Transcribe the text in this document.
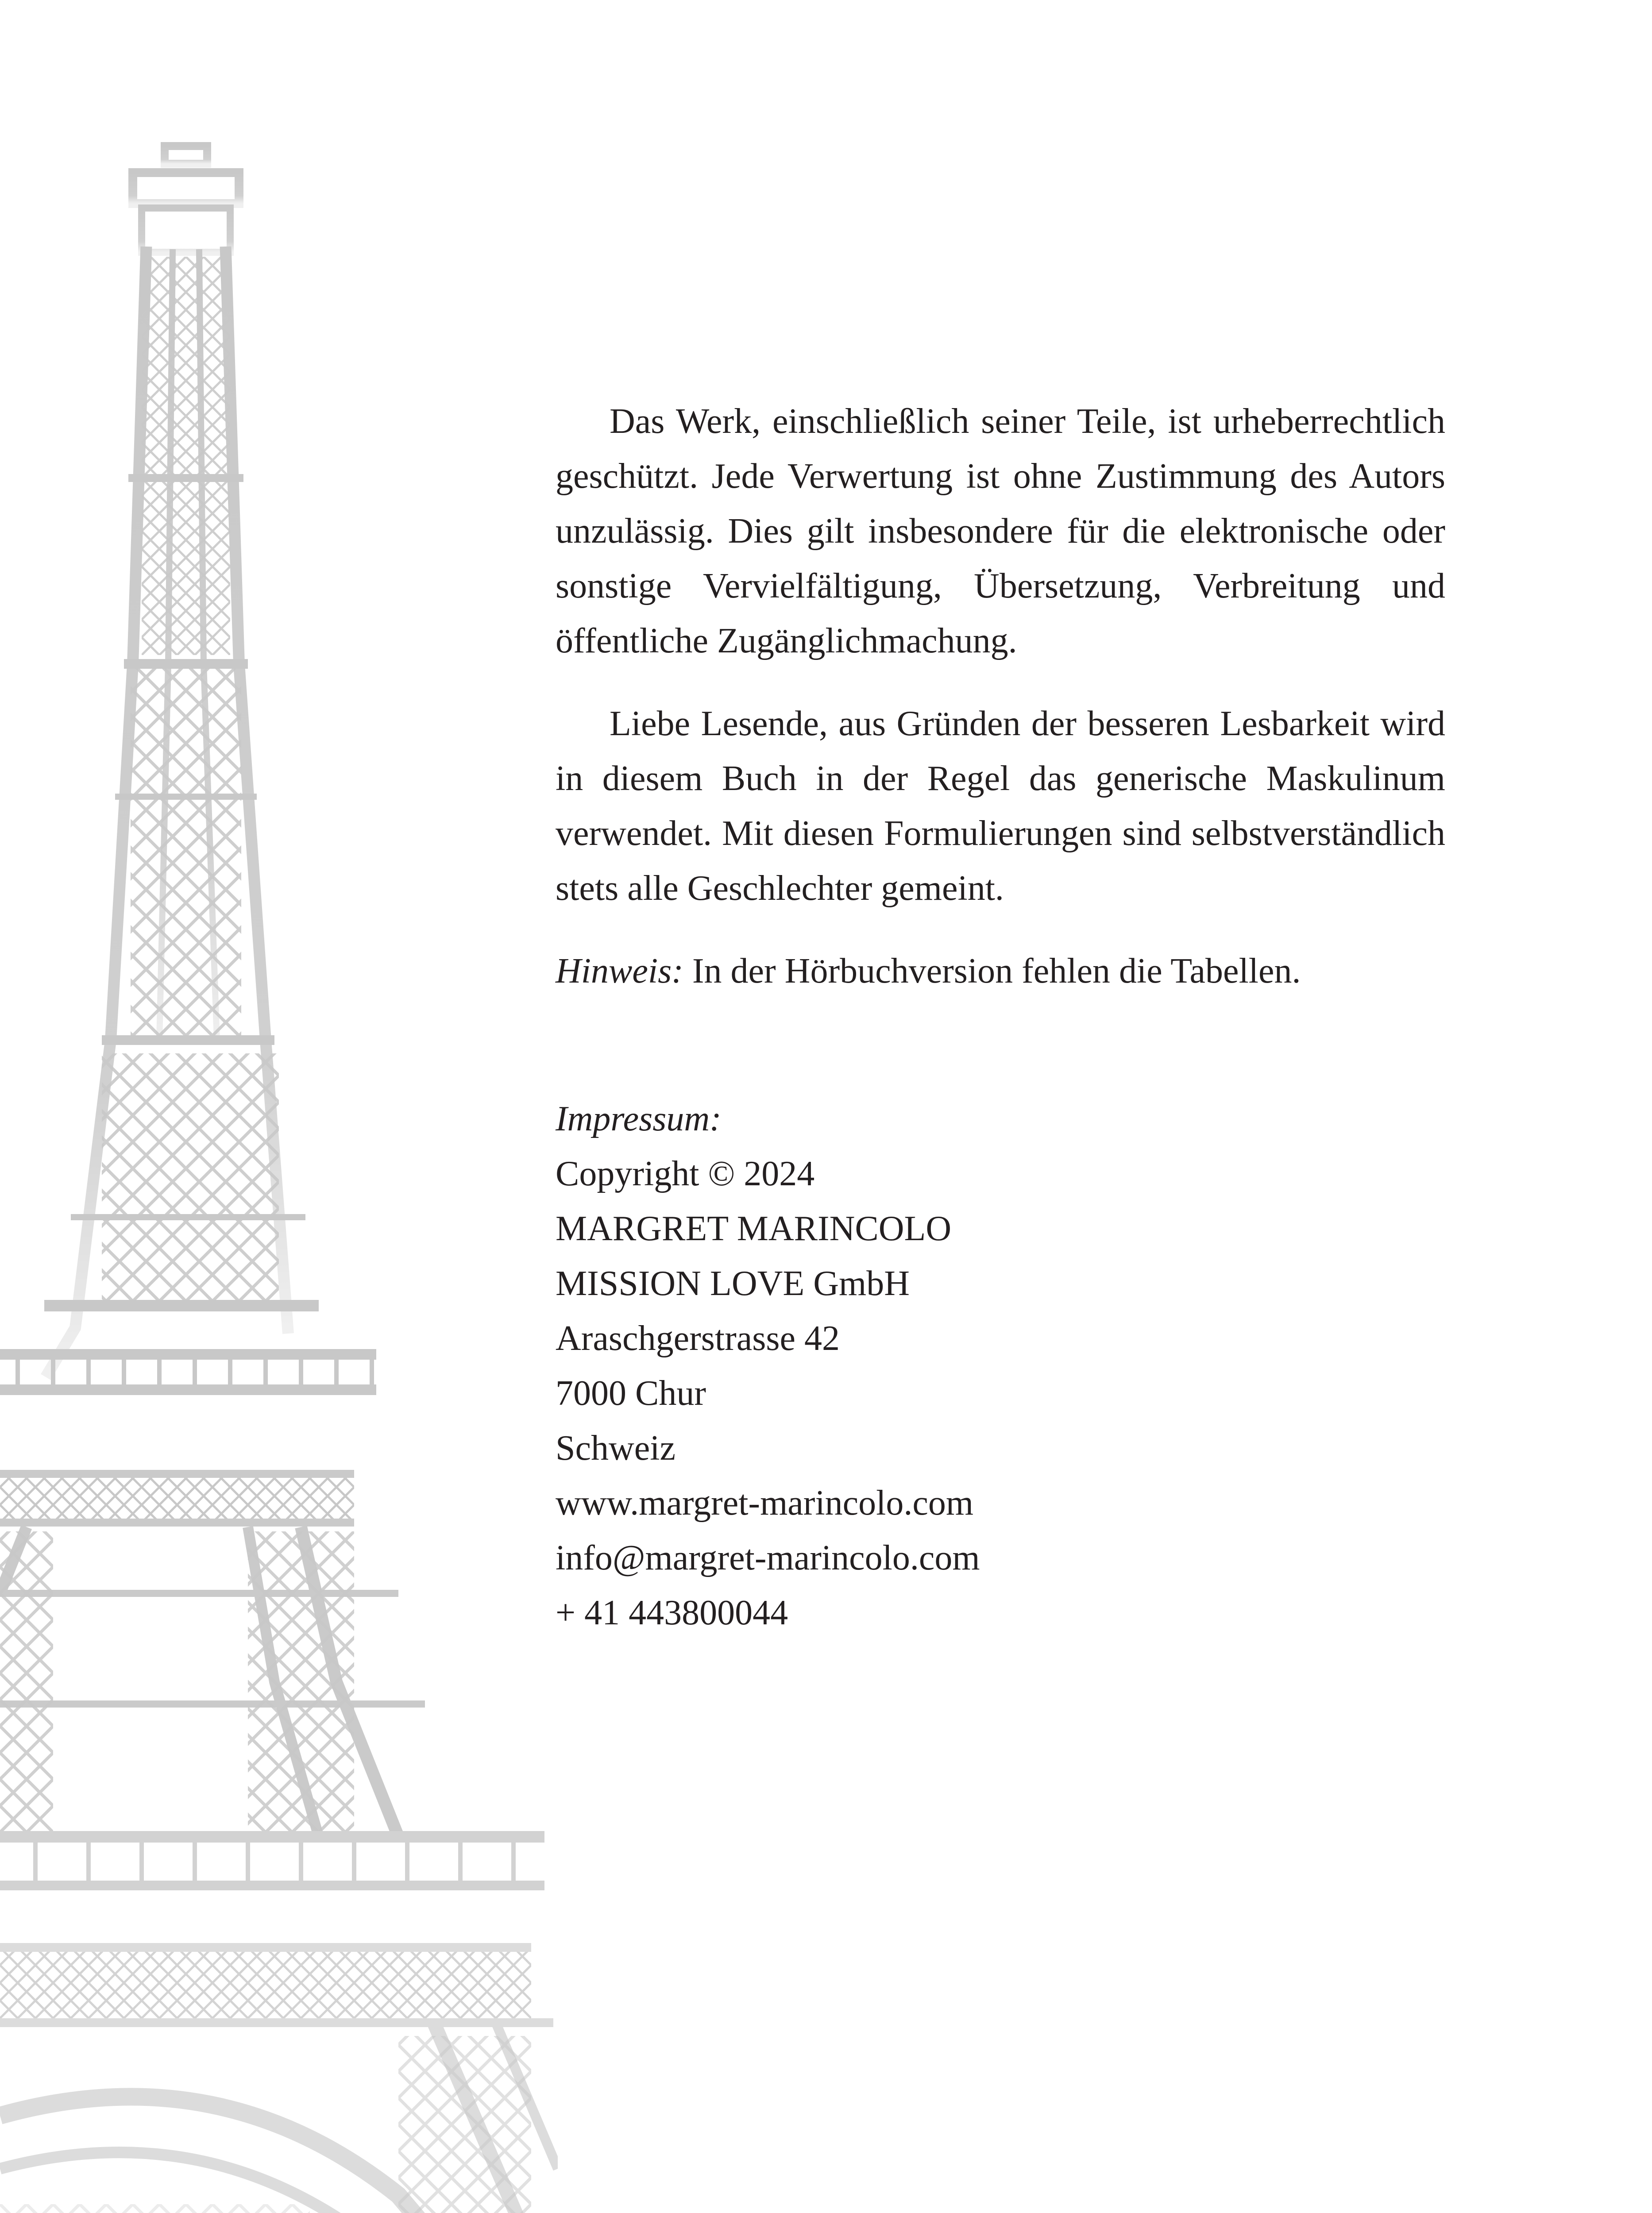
Das Werk, einschließlich seiner Teile, ist urheberrechtlich geschützt. Jede Verwertung ist ohne Zustimmung des Autors unzulässig. Dies gilt insbesondere für die elektronische oder sonstige Vervielfältigung, Übersetzung, Verbreitung und öffentliche Zugänglichmachung.

Liebe Lesende, aus Gründen der besseren Lesbarkeit wird in diesem Buch in der Regel das generische Maskulinum verwendet. Mit diesen Formulierungen sind selbstverständlich stets alle Geschlechter gemeint.

Hinweis: In der Hörbuchversion fehlen die Tabellen.

Impressum:
Copyright © 2024
MARGRET MARINCOLO
MISSION LOVE GmbH
Araschgerstrasse 42
7000 Chur
Schweiz
www.margret-marincolo.com
info@margret-marincolo.com
+ 41 443800044
